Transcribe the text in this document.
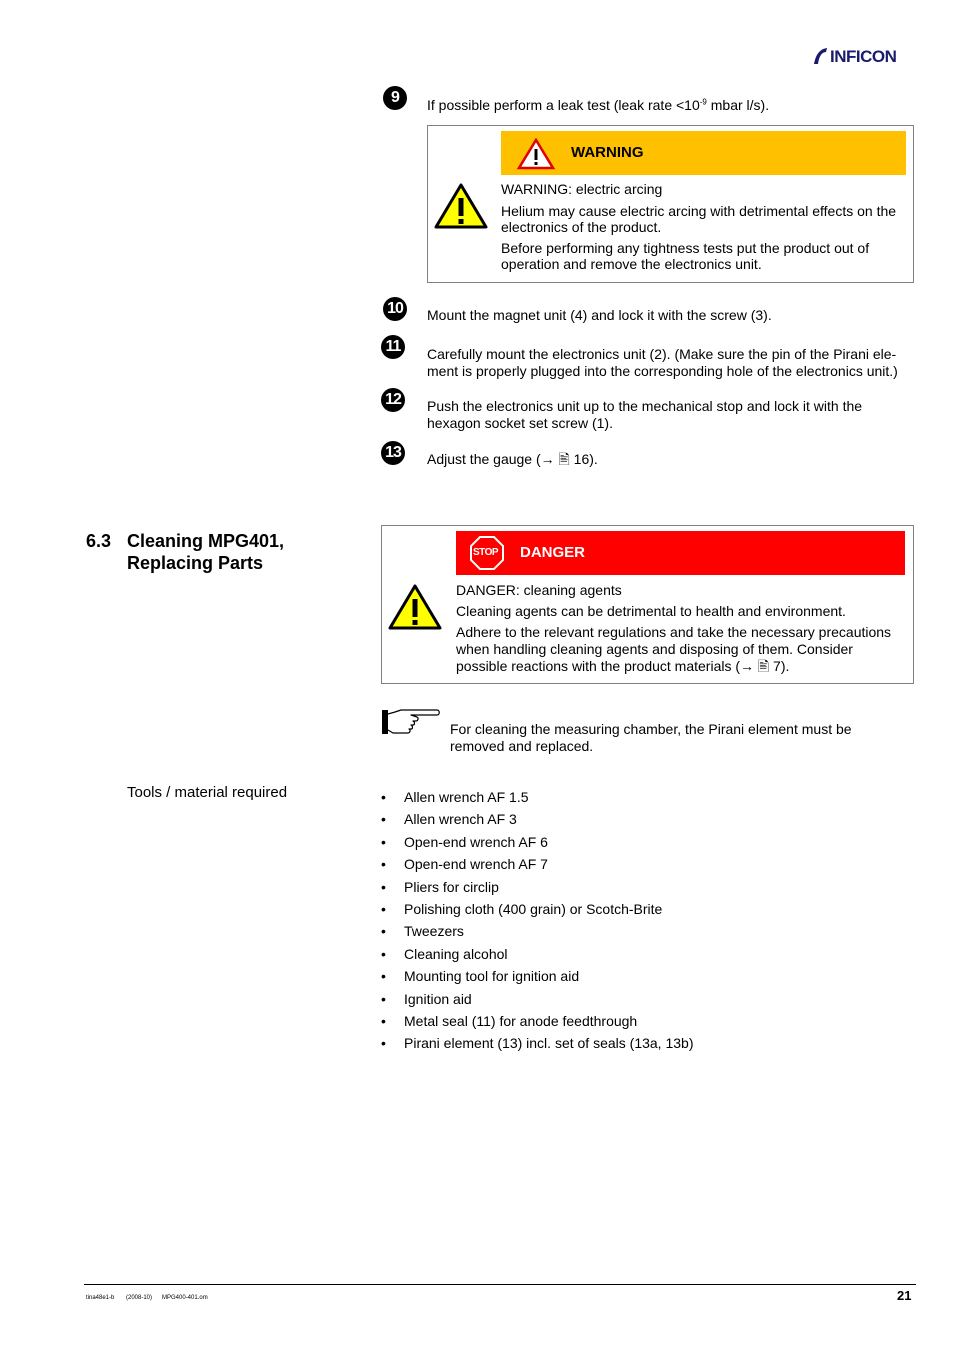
INFICON
9	If possible perform a leak test (leak rate $<10^{-9}$ mbar l/s).
WARNING

WARNING: electric arcing

Helium may cause electric arcing with detrimental effects on the electronics of the product.

Before performing any tightness tests put the product out of operation and remove the electronics unit.

10 Mount the magnet unit (4) and lock it with the screw (3).
11	Carefully mount the electronics unit (2). (Make sure the pin of the Pirani ele-
ment is properly plugged into the corresponding hole of the electronics unit.)
12 Push the electronics unit up to the mechanical stop and lock it with the
hexagon socket set screw (1).
13 Adjust the gauge (→ 🖹 16).
6.3 Cleaning MPG401,
Replacing Parts
STOP DANGER

DANGER: cleaning agents

Cleaning agents can be detrimental to health and environment.

Adhere to the relevant regulations and take the necessary precautions when handling cleaning agents and disposing of them. Consider possible reactions with the product materials (→ 🖹 7).

For cleaning the measuring chamber, the Pirani element must be removed and replaced.
Tools / material required
•	Allen wrench AF 1.5
• Allen wrench AF 3
• Open-end wrench AF 6
• Open-end wrench AF 7
• Pliers for circlip
• Polishing cloth (400 grain) or Scotch-Brite
• Tweezers
• Cleaning alcohol
• Mounting tool for ignition aid
• Ignition aid
• Metal seal (11) for anode feedthrough
• Pirani element (13) incl. set of seals (13a, 13b)
tina48e1-b (2008-10) MPG400-401.om	21
